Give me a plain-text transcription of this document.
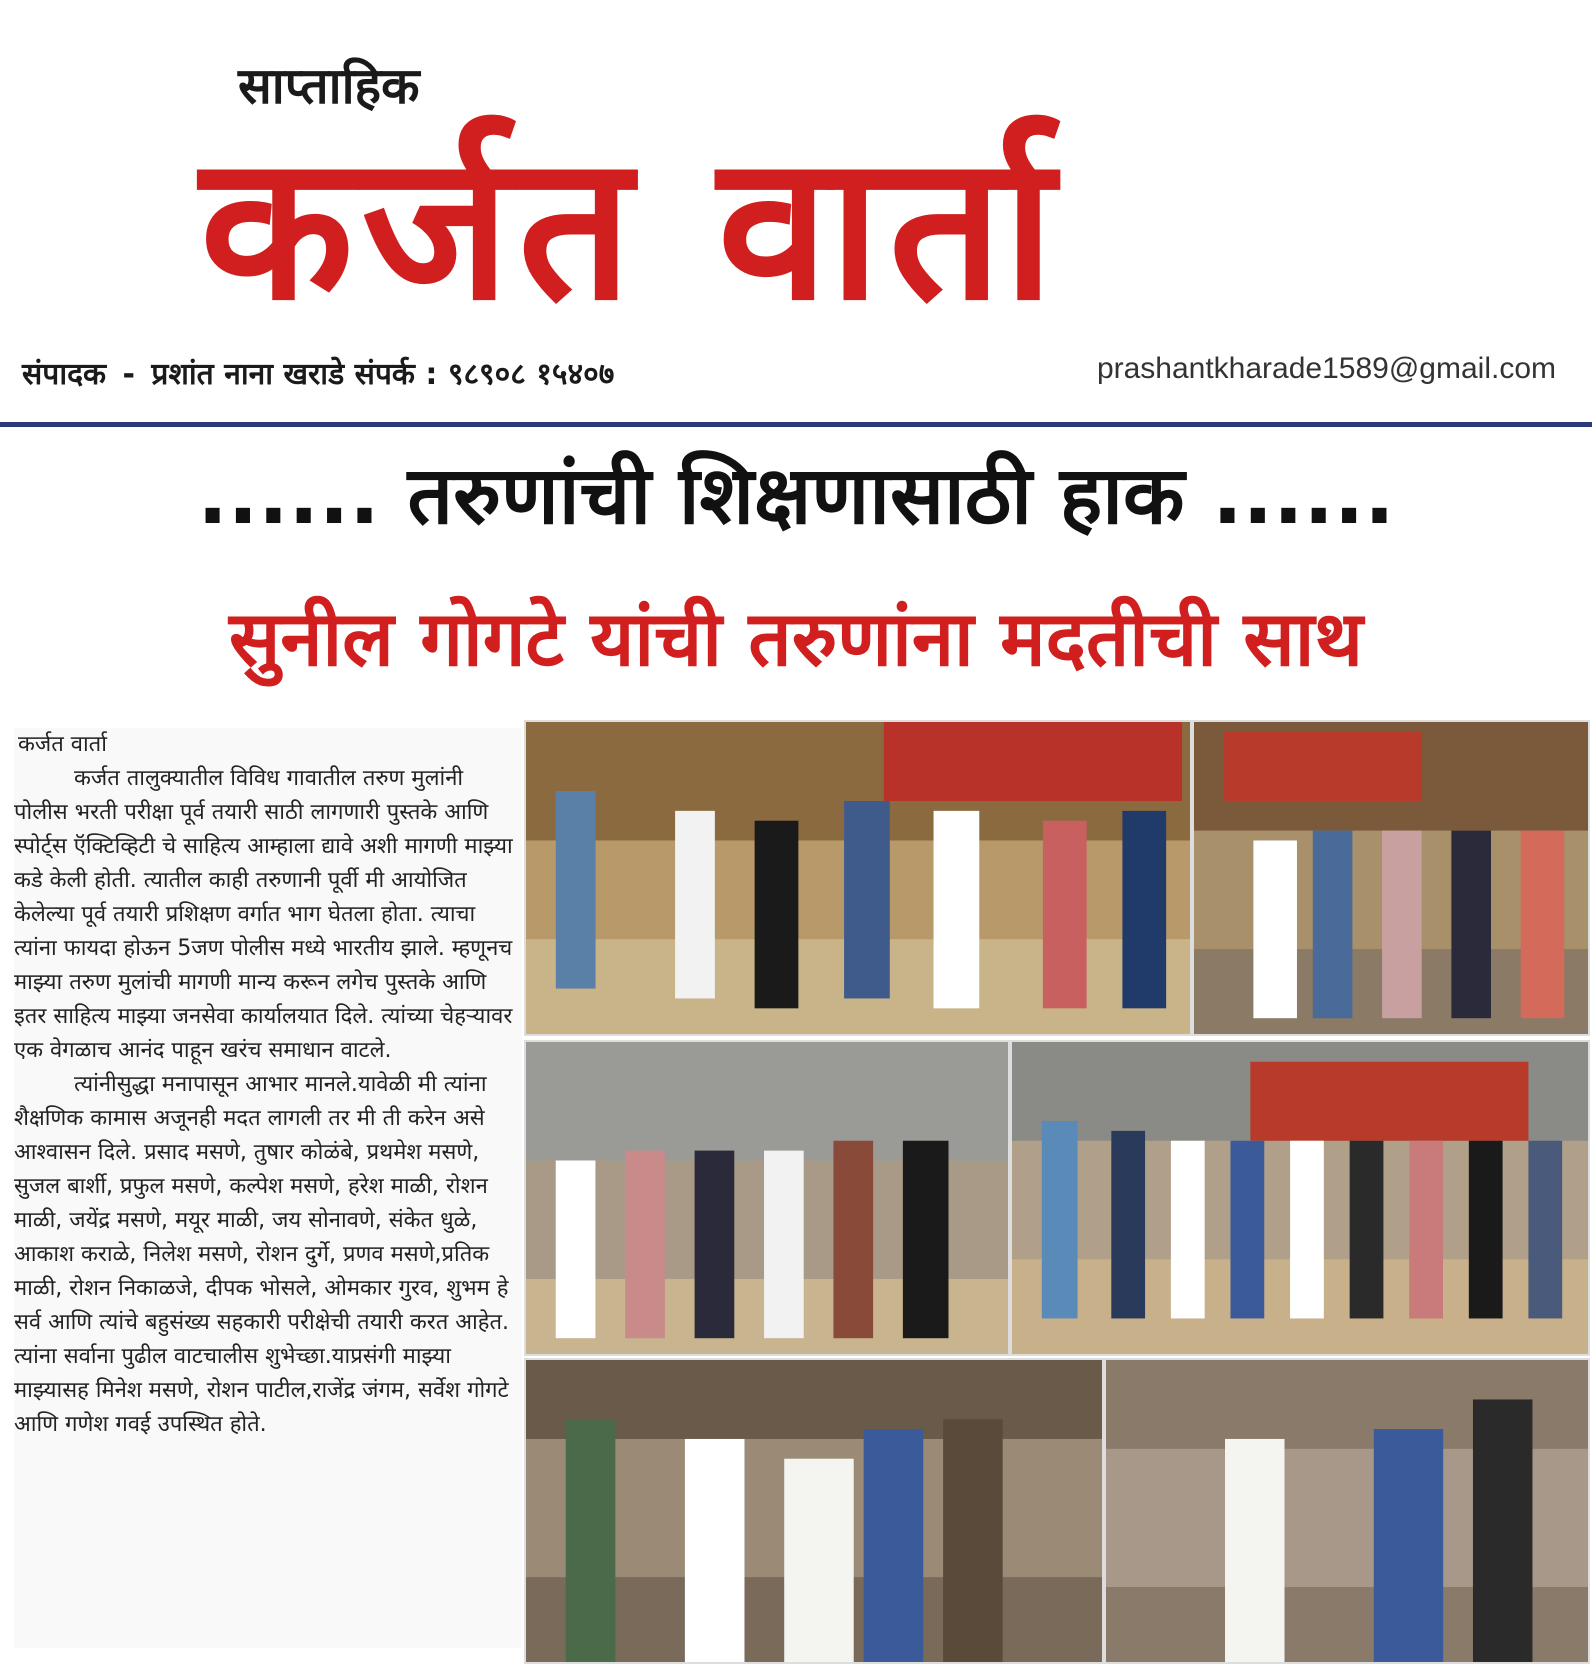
साप्ताहिक
कर्जत वार्ता
संपादक - प्रशांत नाना खराडे संपर्क : ९८९०८ १५४०७	prashantkharade1589@gmail.com
...... तरुणांची शिक्षणासाठी हाक ......
सुनील गोगटे यांची तरुणांना मदतीची साथ
कर्जत वार्ता

कर्जत तालुक्यातील विविध गावातील तरुण मुलांनी पोलीस भरती परीक्षा पूर्व तयारी साठी लागणारी पुस्तके आणि स्पोर्ट्स ऍक्टिव्हिटी चे साहित्य आम्हाला द्यावे अशी मागणी माझ्या कडे केली होती. त्यातील काही तरुणानी पूर्वी मी आयोजित केलेल्या पूर्व तयारी प्रशिक्षण वर्गात भाग घेतला होता. त्याचा त्यांना फायदा होऊन 5जण पोलीस मध्ये भारतीय झाले. म्हणूनच माझ्या तरुण मुलांची मागणी मान्य करून लगेच पुस्तके आणि इतर साहित्य माझ्या जनसेवा कार्यालयात दिले. त्यांच्या चेहऱ्यावर एक वेगळाच आनंद पाहून खरंच समाधान वाटले.

त्यांनीसुद्धा मनापासून आभार मानले.यावेळी मी त्यांना शैक्षणिक कामास अजूनही मदत लागली तर मी ती करेन असे आश्वासन दिले. प्रसाद मसणे, तुषार कोळंबे, प्रथमेश मसणे, सुजल बार्शी, प्रफुल मसणे, कल्पेश मसणे, हरेश माळी, रोशन माळी, जयेंद्र मसणे, मयूर माळी, जय सोनावणे, संकेत धुळे, आकाश कराळे, निलेश मसणे, रोशन दुर्गे, प्रणव मसणे,प्रतिक माळी, रोशन निकाळजे, दीपक भोसले, ओमकार गुरव, शुभम हे सर्व आणि त्यांचे बहुसंख्य सहकारी परीक्षेची तयारी करत आहेत. त्यांना सर्वाना पुढील वाटचालीस शुभेच्छा.याप्रसंगी माझ्या माझ्यासह मिनेश मसणे, रोशन पाटील,राजेंद्र जंगम, सर्वेश गोगटे आणि गणेश गवई उपस्थित होते.
